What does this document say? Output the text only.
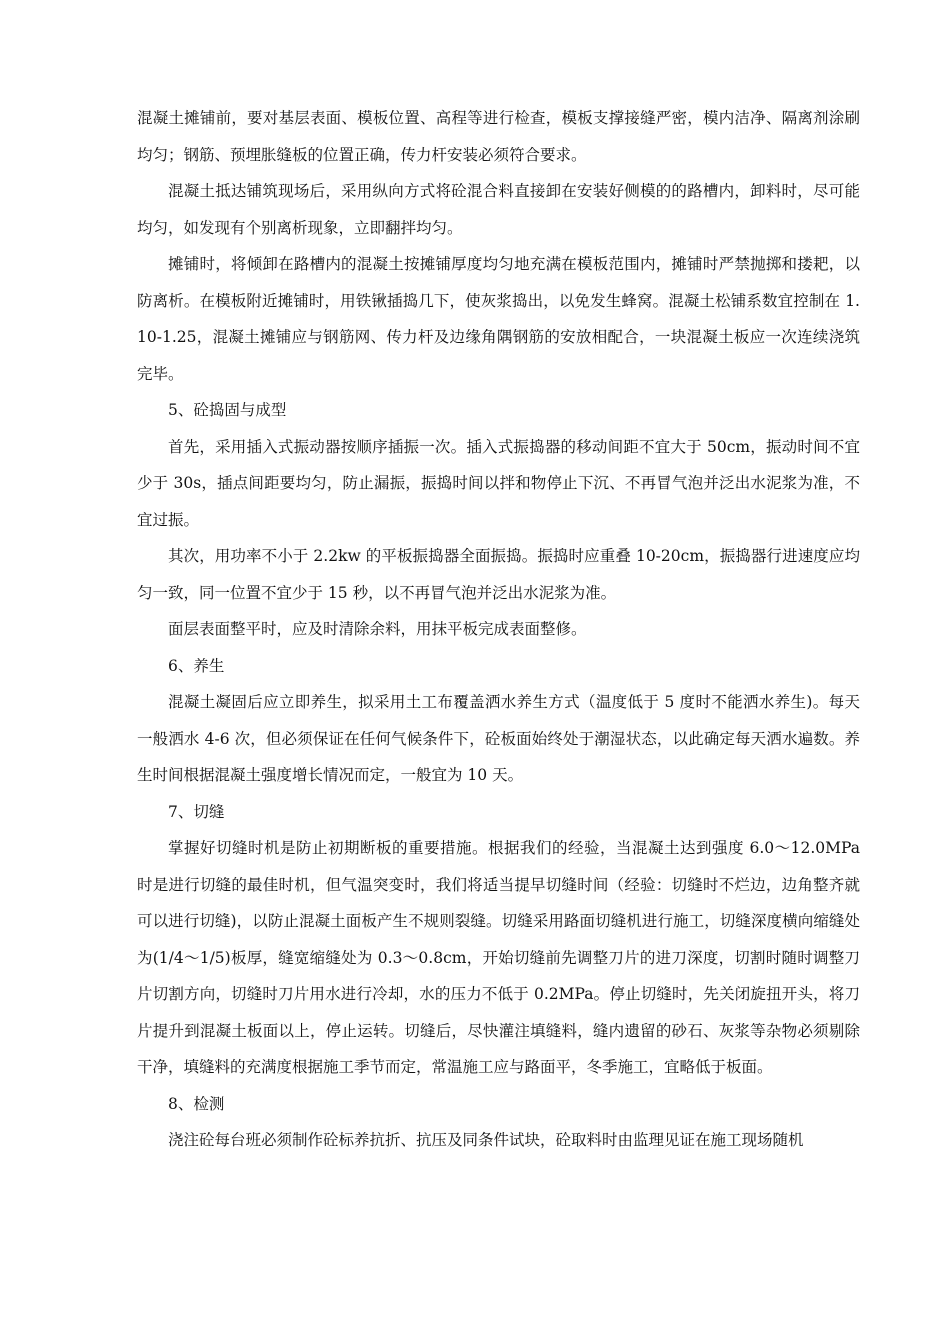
混凝土摊铺前，要对基层表面、模板位置、高程等进行检查，模板支撑接缝严密，模内洁净、隔离剂涂刷均匀；钢筋、预埋胀缝板的位置正确，传力杆安装必须符合要求。

混凝土抵达铺筑现场后，采用纵向方式将砼混合料直接卸在安装好侧模的的路槽内，卸料时，尽可能均匀，如发现有个别离析现象，立即翻拌均匀。

摊铺时，将倾卸在路槽内的混凝土按摊铺厚度均匀地充满在模板范围内，摊铺时严禁抛掷和搂耙，以防离析。在模板附近摊铺时，用铁锹插捣几下，使灰浆捣出，以免发生蜂窝。混凝土松铺系数宜控制在 1.10-1.25，混凝土摊铺应与钢筋网、传力杆及边缘角隅钢筋的安放相配合，一块混凝土板应一次连续浇筑完毕。

5、砼捣固与成型

首先，采用插入式振动器按顺序插振一次。插入式振捣器的移动间距不宜大于 50cm，振动时间不宜少于 30s，插点间距要均匀，防止漏振，振捣时间以拌和物停止下沉、不再冒气泡并泛出水泥浆为准，不宜过振。

其次，用功率不小于 2.2kw 的平板振捣器全面振捣。振捣时应重叠 10-20cm，振捣器行进速度应均匀一致，同一位置不宜少于 15 秒，以不再冒气泡并泛出水泥浆为准。

面层表面整平时，应及时清除余料，用抹平板完成表面整修。

6、养生

混凝土凝固后应立即养生，拟采用土工布覆盖洒水养生方式（温度低于 5 度时不能洒水养生)。每天一般洒水 4-6 次，但必须保证在任何气候条件下，砼板面始终处于潮湿状态，以此确定每天洒水遍数。养生时间根据混凝土强度增长情况而定，一般宜为 10 天。

7、切缝

掌握好切缝时机是防止初期断板的重要措施。根据我们的经验，当混凝土达到强度 6.0～12.0MPa 时是进行切缝的最佳时机，但气温突变时，我们将适当提早切缝时间（经验：切缝时不烂边，边角整齐就可以进行切缝)，以防止混凝土面板产生不规则裂缝。切缝采用路面切缝机进行施工，切缝深度横向缩缝处为(1/4～1/5)板厚，缝宽缩缝处为 0.3～0.8cm，开始切缝前先调整刀片的进刀深度，切割时随时调整刀片切割方向，切缝时刀片用水进行冷却，水的压力不低于 0.2MPa。停止切缝时，先关闭旋扭开头，将刀片提升到混凝土板面以上，停止运转。切缝后，尽快灌注填缝料，缝内遗留的砂石、灰浆等杂物必须剔除干净，填缝料的充满度根据施工季节而定，常温施工应与路面平，冬季施工，宜略低于板面。

8、检测

浇注砼每台班必须制作砼标养抗折、抗压及同条件试块，砼取料时由监理见证在施工现场随机
